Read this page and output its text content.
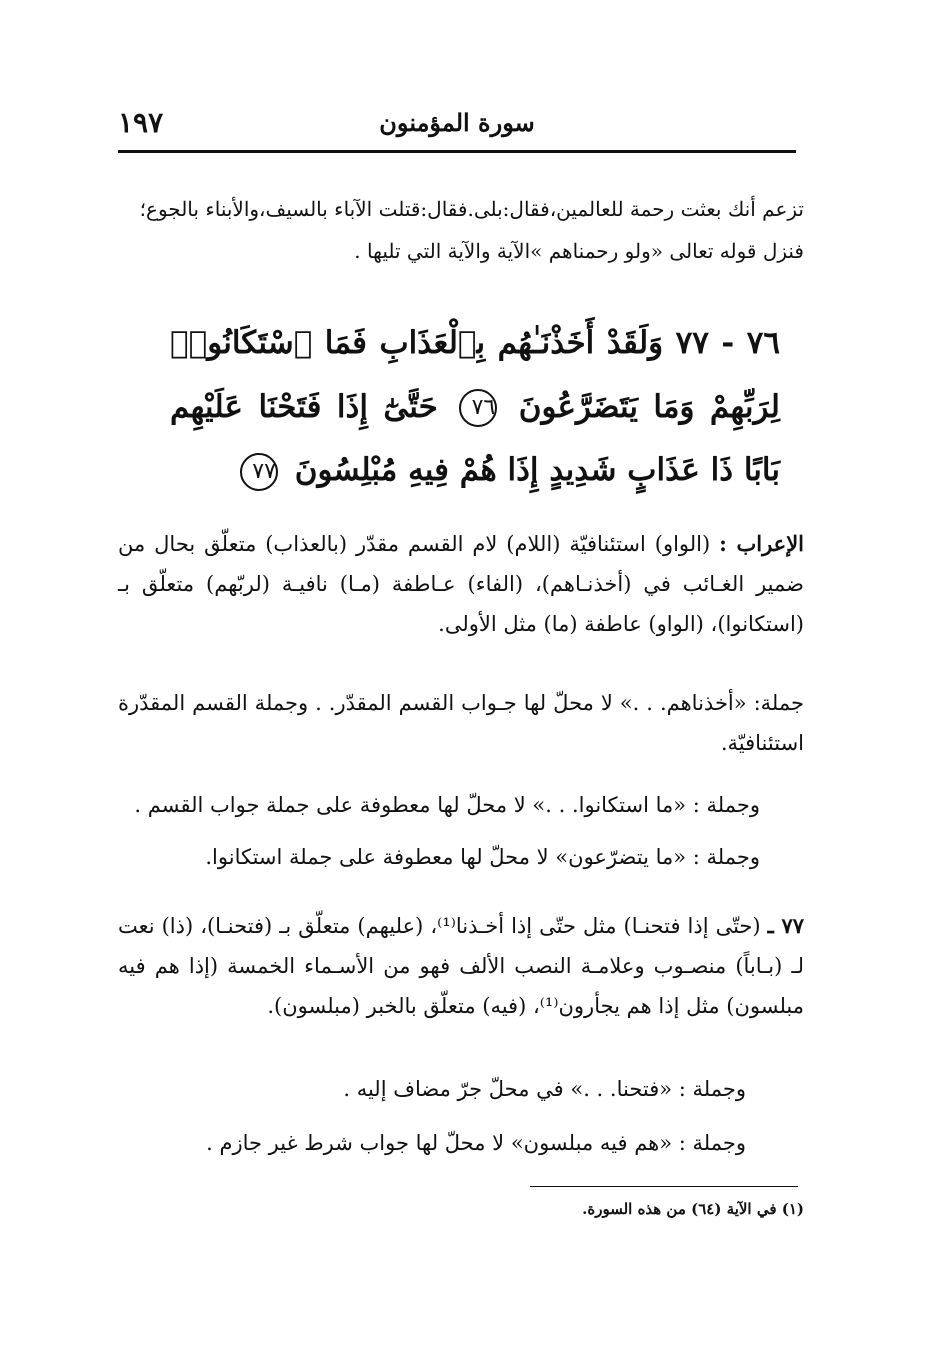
١٩٧	سورة المؤمنون

تزعم أنك بعثت رحمة للعالمين،فقال:بلى.فقال:قتلت الآباء بالسيف،والأبناء بالجوع؛

فنزل قوله تعالى «ولو رحمناهم »الآية والآية التي تليها .

٧٦ - ٧٧ وَلَقَدْ أَخَذْنَـٰهُم بِٱلْعَذَابِ فَمَا ٱسْتَكَانُوا۟ لِرَبِّهِمْ وَمَا يَتَضَرَّعُونَ ٧٦ حَتَّىٰٓ إِذَا فَتَحْنَا عَلَيْهِم بَابًا ذَا عَذَابٍ شَدِيدٍ إِذَا هُمْ فِيهِ مُبْلِسُونَ ٧٧

الإعراب : (الواو) استئنافيّة (اللام) لام القسم مقدّر (بالعذاب) متعلّق بحال من ضمير الغـائب في (أخذنـاهم)، (الفاء) عـاطفة (مـا) نافيـة (لربّهم) متعلّق بـ (استكانوا)، (الواو) عاطفة (ما) مثل الأولى.

جملة: «أخذناهم. . .» لا محلّ لها جـواب القسم المقدّر. . وجملة القسم المقدّرة استئنافيّة.

وجملة : «ما استكانوا. . .» لا محلّ لها معطوفة على جملة جواب القسم .

وجملة : «ما يتضرّعون» لا محلّ لها معطوفة على جملة استكانوا.

٧٧ ـ (حتّى إذا فتحنـا) مثل حتّى إذا أخـذنا⁽¹⁾، (عليهم) متعلّق بـ (فتحنـا)، (ذا) نعت لـ (بـاباً) منصـوب وعلامـة النصب الألف فهو من الأسـماء الخمسة (إذا هم فيه مبلسون) مثل إذا هم يجأرون⁽¹⁾، (فيه) متعلّق بالخبر (مبلسون).

وجملة : «فتحنا. . .» في محلّ جرّ مضاف إليه .

وجملة : «هم فيه مبلسون» لا محلّ لها جواب شرط غير جازم .

(١) في الآية (٦٤) من هذه السورة.
